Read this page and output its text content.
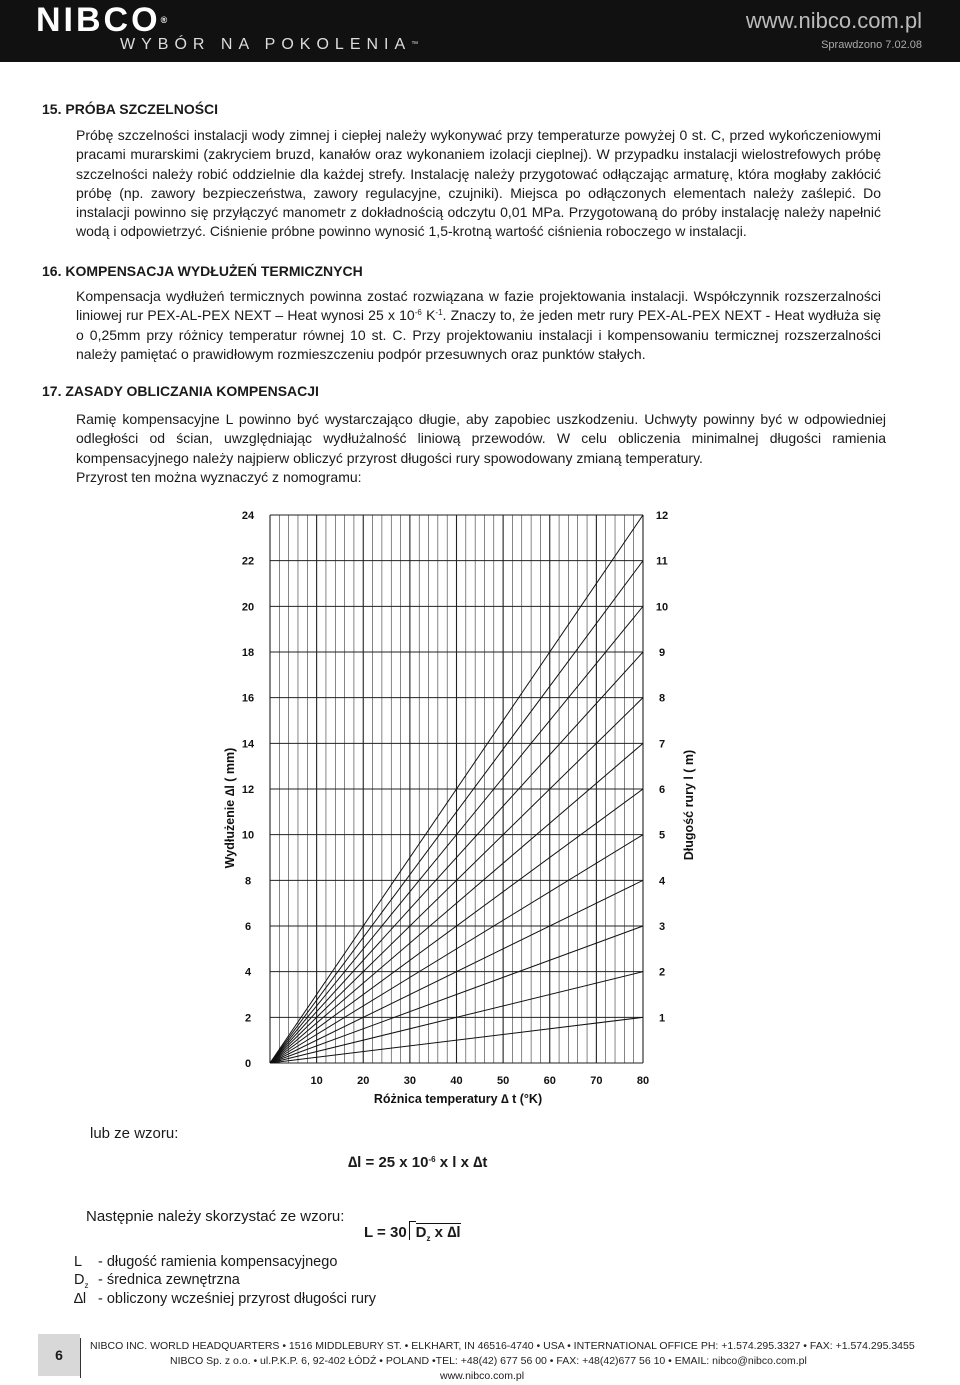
NIBCO®
WYBÓR NA POKOLENIA™
www.nibco.com.pl
Sprawdzono 7.02.08
15. PRÓBA SZCZELNOŚCI

Próbę szczelności instalacji wody zimnej i ciepłej należy wykonywać przy temperaturze powyżej 0 st. C, przed wykończeniowymi pracami murarskimi (zakryciem bruzd, kanałów oraz wykonaniem izolacji cieplnej). W przypadku instalacji wielostrefowych próbę szczelności należy robić oddzielnie dla każdej strefy. Instalację należy przygotować odłączając armaturę, która mogłaby zakłócić próbę (np. zawory bezpieczeństwa, zawory regulacyjne, czujniki). Miejsca po odłączonych elementach należy zaślepić. Do instalacji powinno się przyłączyć manometr z dokładnością odczytu 0,01 MPa. Przygotowaną do próby instalację należy napełnić wodą i odpowietrzyć. Ciśnienie próbne powinno wynosić 1,5-krotną wartość ciśnienia roboczego w instalacji.

16. KOMPENSACJA WYDŁUŻEŃ TERMICZNYCH

Kompensacja wydłużeń termicznych powinna zostać rozwiązana w fazie projektowania instalacji. Współczynnik rozszerzalności liniowej rur PEX-AL-PEX NEXT – Heat wynosi 25 x $10^{-6}$ $K^{-1}$. Znaczy to, że jeden metr rury PEX-AL-PEX NEXT - Heat wydłuża się o 0,25mm przy różnicy temperatur równej 10 st. C. Przy projektowaniu instalacji i kompensowaniu termicznej rozszerzalności należy pamiętać o prawidłowym rozmieszczeniu podpór przesuwnych oraz punktów stałych.

17. ZASADY OBLICZANIA KOMPENSACJI

Ramię kompensacyjne L powinno być wystarczająco długie, aby zapobiec uszkodzeniu. Uchwyty powinny być w odpowiedniej odległości od ścian, uwzględniając wydłużalność liniową przewodów. W celu obliczenia minimalnej długości ramienia kompensacyjnego należy najpierw obliczyć przyrost długości rury spowodowany zmianą temperatury.

Przyrost ten można wyznaczyć z nomogramu:

0
2
4
6
8
10
12
14
16
18
20
22
24
1
2
3
4
5
6
7
8
9
10
11
12
10	20	30	40	50	60	70	80
Różnica temperatury ∆ t (°K)
Wydłużenie ∆l ( mm)	Długość rury l ( m)
lub ze wzoru:
∆l = 25 x $10^{-6}$ x l x ∆t
Następnie należy skorzystać ze wzoru:
L = 30 $D_z$ x ∆l
L - długość ramienia kompensacyjnego
$D_z$ - średnica zewnętrzna
∆l - obliczony wcześniej przyrost długości rury
6
NIBCO INC. WORLD HEADQUARTERS • 1516 MIDDLEBURY ST. • ELKHART, IN 46516-4740 • USA • INTERNATIONAL OFFICE PH: +1.574.295.3327 • FAX: +1.574.295.3455
NIBCO Sp. z o.o. • ul.P.K.P. 6, 92-402 ŁÓDŹ • POLAND •TEL: +48(42) 677 56 00 • FAX: +48(42)677 56 10 • EMAIL: nibco@nibco.com.pl
www.nibco.com.pl
